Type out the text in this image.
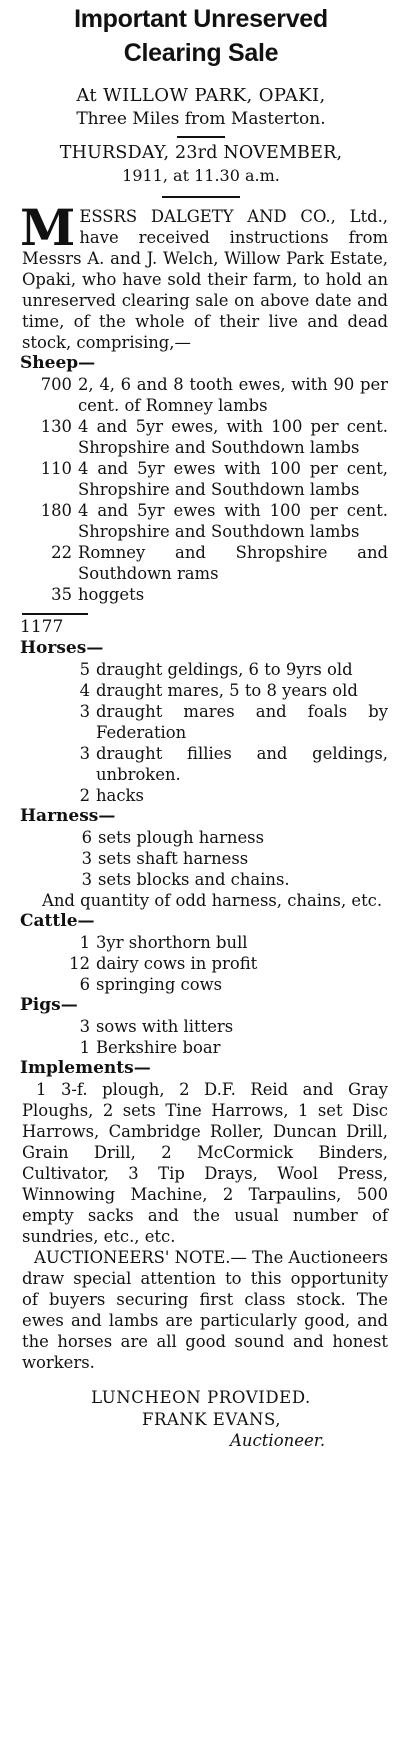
Important Unreserved
Clearing Sale
At WILLOW PARK, OPAKI,
Three Miles from Masterton.
THURSDAY, 23rd NOVEMBER,
1911, at 11.30 a.m.
MESSRS DALGETY AND CO., Ltd., have received instructions from Messrs A. and J. Welch, Willow Park Estate, Opaki, who have sold their farm, to hold an unreserved clearing sale on above date and time, of the whole of their live and dead stock, comprising,—
Sheep—
700 2, 4, 6 and 8 tooth ewes, with 90 per cent. of Romney lambs
130 4 and 5yr ewes, with 100 per cent. Shropshire and Southdown lambs
110 4 and 5yr ewes with 100 per cent, Shropshire and Southdown lambs
180 4 and 5yr ewes with 100 per cent. Shropshire and Southdown lambs
22 Romney and Shropshire and Southdown rams
35 hoggets
1177
Horses—
5 draught geldings, 6 to 9yrs old
4 draught mares, 5 to 8 years old
3 draught mares and foals by Federation
3 draught fillies and geldings, unbroken.
2 hacks
Harness—
6 sets plough harness
3 sets shaft harness
3 sets blocks and chains.
And quantity of odd harness, chains, etc.
Cattle—
1 3yr shorthorn bull
12 dairy cows in profit
6 springing cows
Pigs—
3 sows with litters
1 Berkshire boar
Implements—
1 3-f. plough, 2 D.F. Reid and Gray Ploughs, 2 sets Tine Harrows, 1 set Disc Harrows, Cambridge Roller, Duncan Drill, Grain Drill, 2 McCormick Binders, Cultivator, 3 Tip Drays, Wool Press, Winnowing Machine, 2 Tarpaulins, 500 empty sacks and the usual number of sundries, etc., etc.
AUCTIONEERS' NOTE.— The Auctioneers draw special attention to this opportunity of buyers securing first class stock. The ewes and lambs are particularly good, and the horses are all good sound and honest workers.
LUNCHEON PROVIDED.
FRANK EVANS,
Auctioneer.
